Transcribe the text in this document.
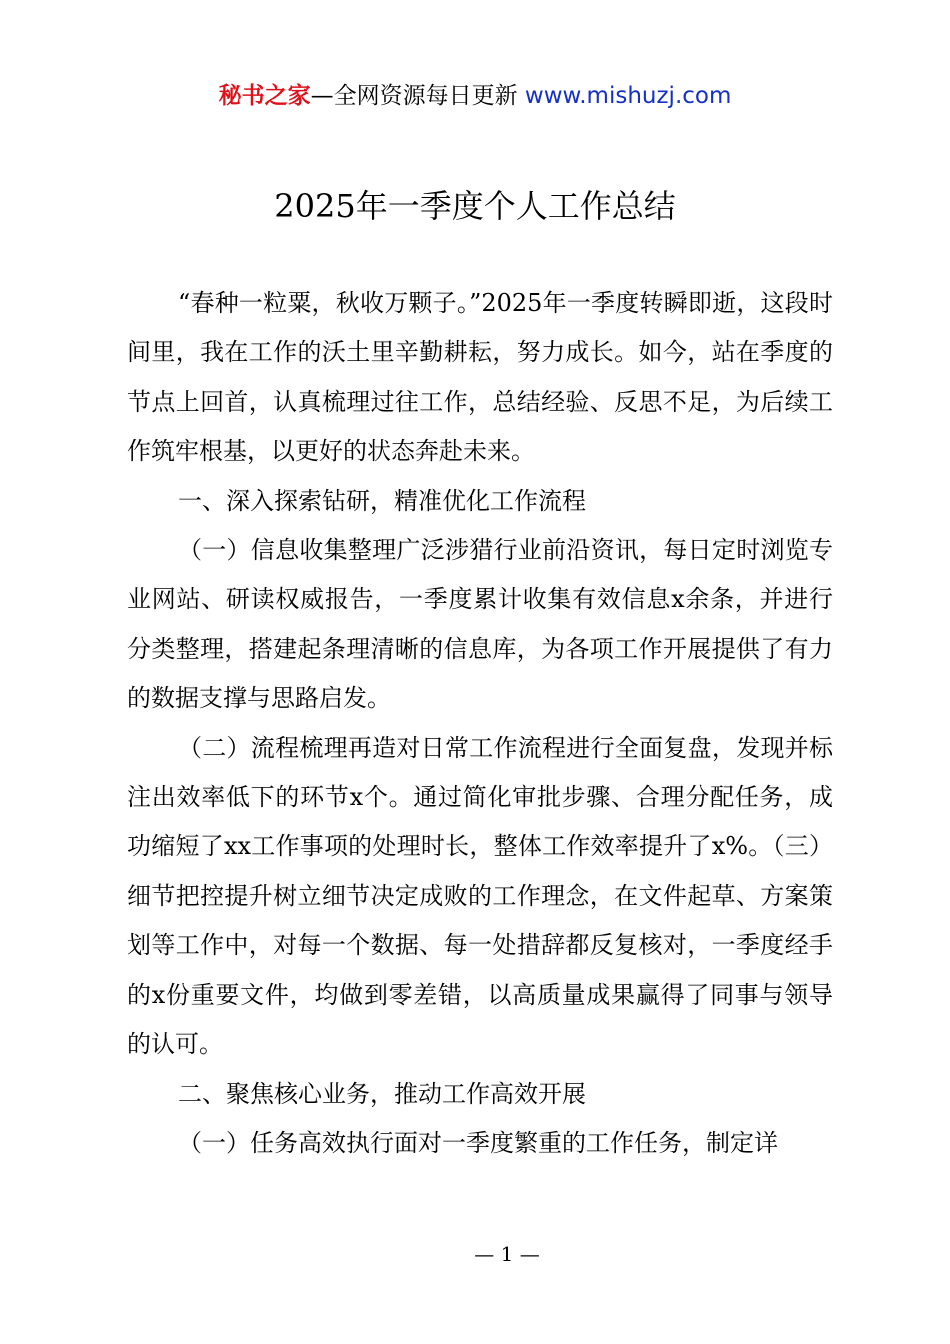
秘书之家—全网资源每日更新 www.mishuzj.com
2025年一季度个人工作总结

“春种一粒粟，秋收万颗子。”2025年一季度转瞬即逝，这段时间里，我在工作的沃土里辛勤耕耘，努力成长。如今，站在季度的节点上回首，认真梳理过往工作，总结经验、反思不足，为后续工作筑牢根基，以更好的状态奔赴未来。

一、深入探索钻研，精准优化工作流程

（一）信息收集整理广泛涉猎行业前沿资讯，每日定时浏览专业网站、研读权威报告，一季度累计收集有效信息x余条，并进行分类整理，搭建起条理清晰的信息库，为各项工作开展提供了有力的数据支撑与思路启发。

（二）流程梳理再造对日常工作流程进行全面复盘，发现并标注出效率低下的环节x个。通过简化审批步骤、合理分配任务，成功缩短了xx工作事项的处理时长，整体工作效率提升了x%。（三）细节把控提升树立细节决定成败的工作理念，在文件起草、方案策划等工作中，对每一个数据、每一处措辞都反复核对，一季度经手的x份重要文件，均做到零差错，以高质量成果赢得了同事与领导的认可。

二、聚焦核心业务，推动工作高效开展

（一）任务高效执行面对一季度繁重的工作任务，制定详

— 1 —
